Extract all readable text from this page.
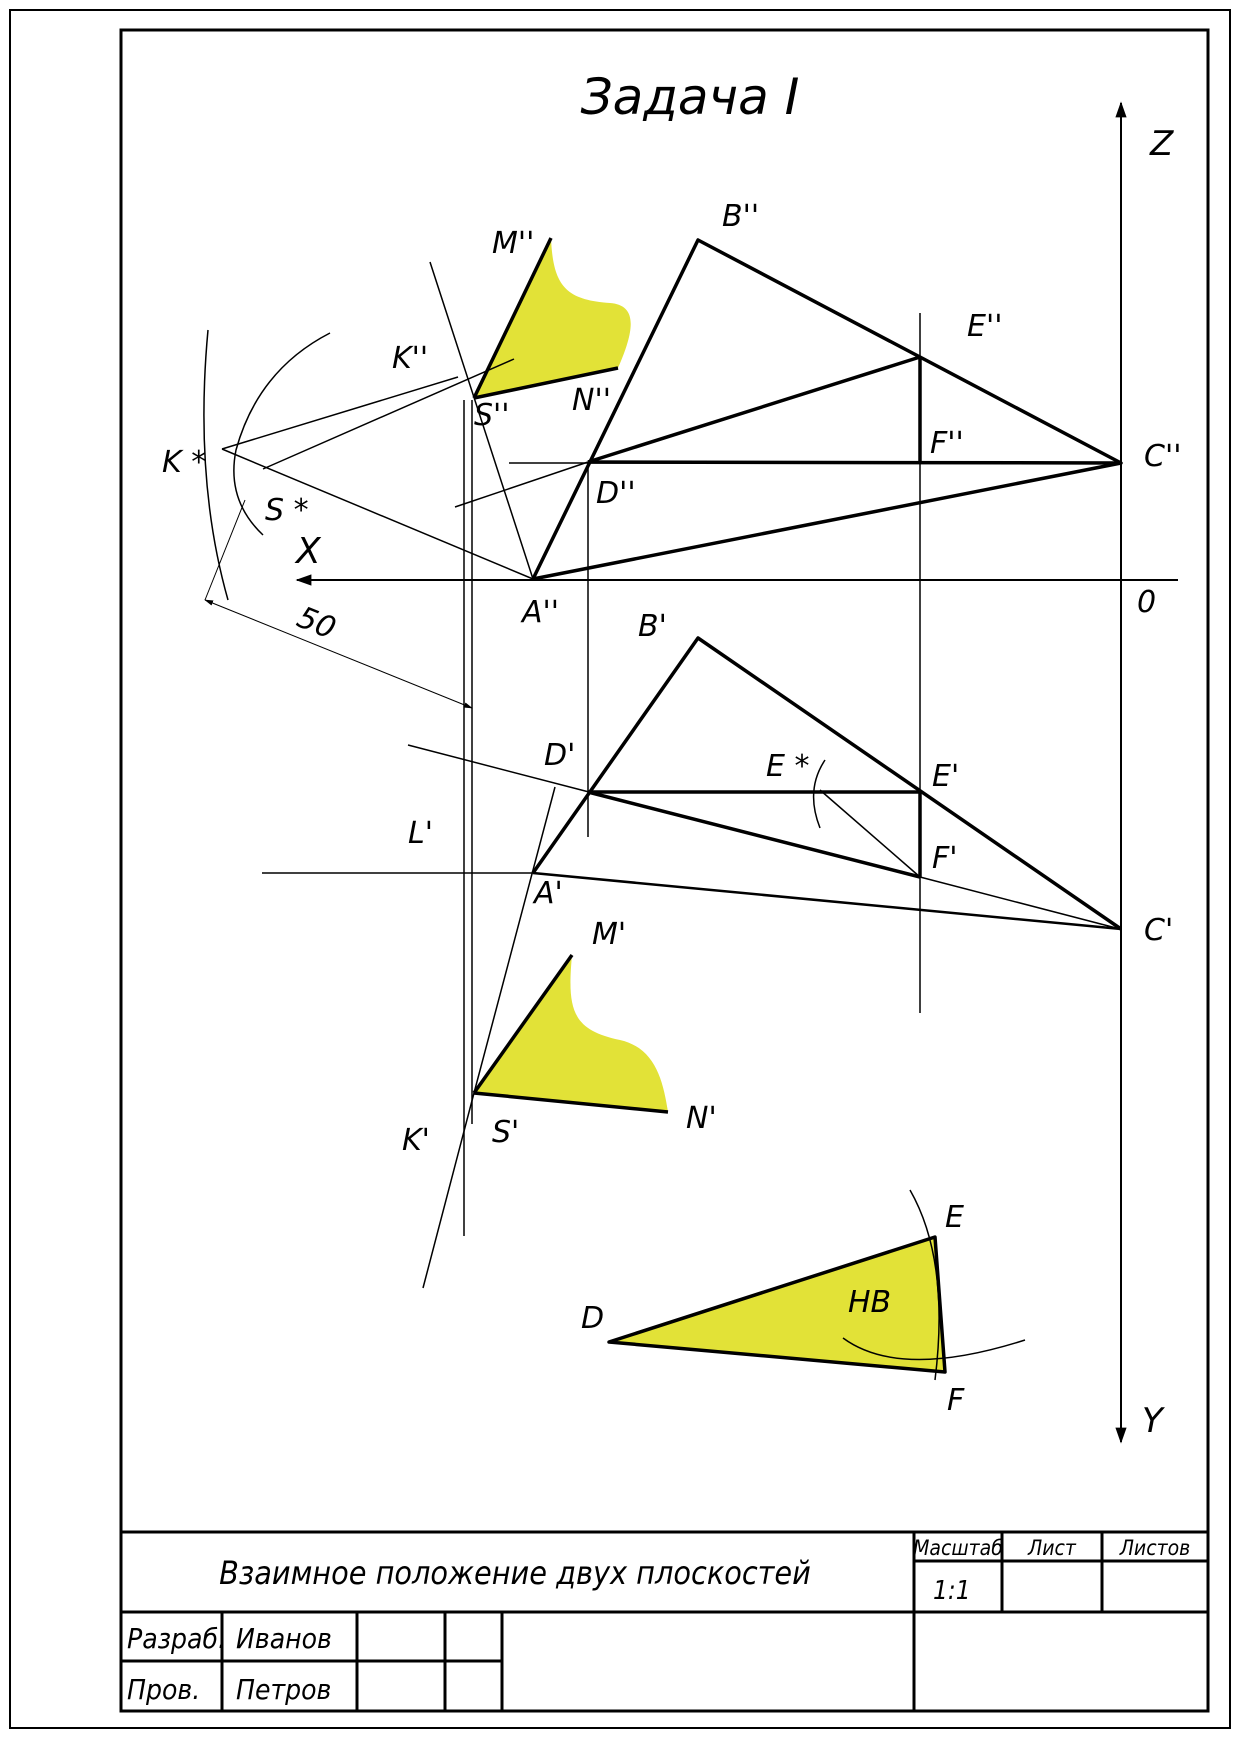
Задача I
Z
X
Y
0
50
M''
B''
E''
K''
N''
S''
K *
S *
F''	C''
D''
A''	B'
D'	E *	E'
L'
F'
A'
C'
M'
N'
K' S'
E
D	НВ
F
Взаимное положение двух плоскостей
Масштаб Лист Листов
1:1
Разраб. Иванов
Пров. Петров
